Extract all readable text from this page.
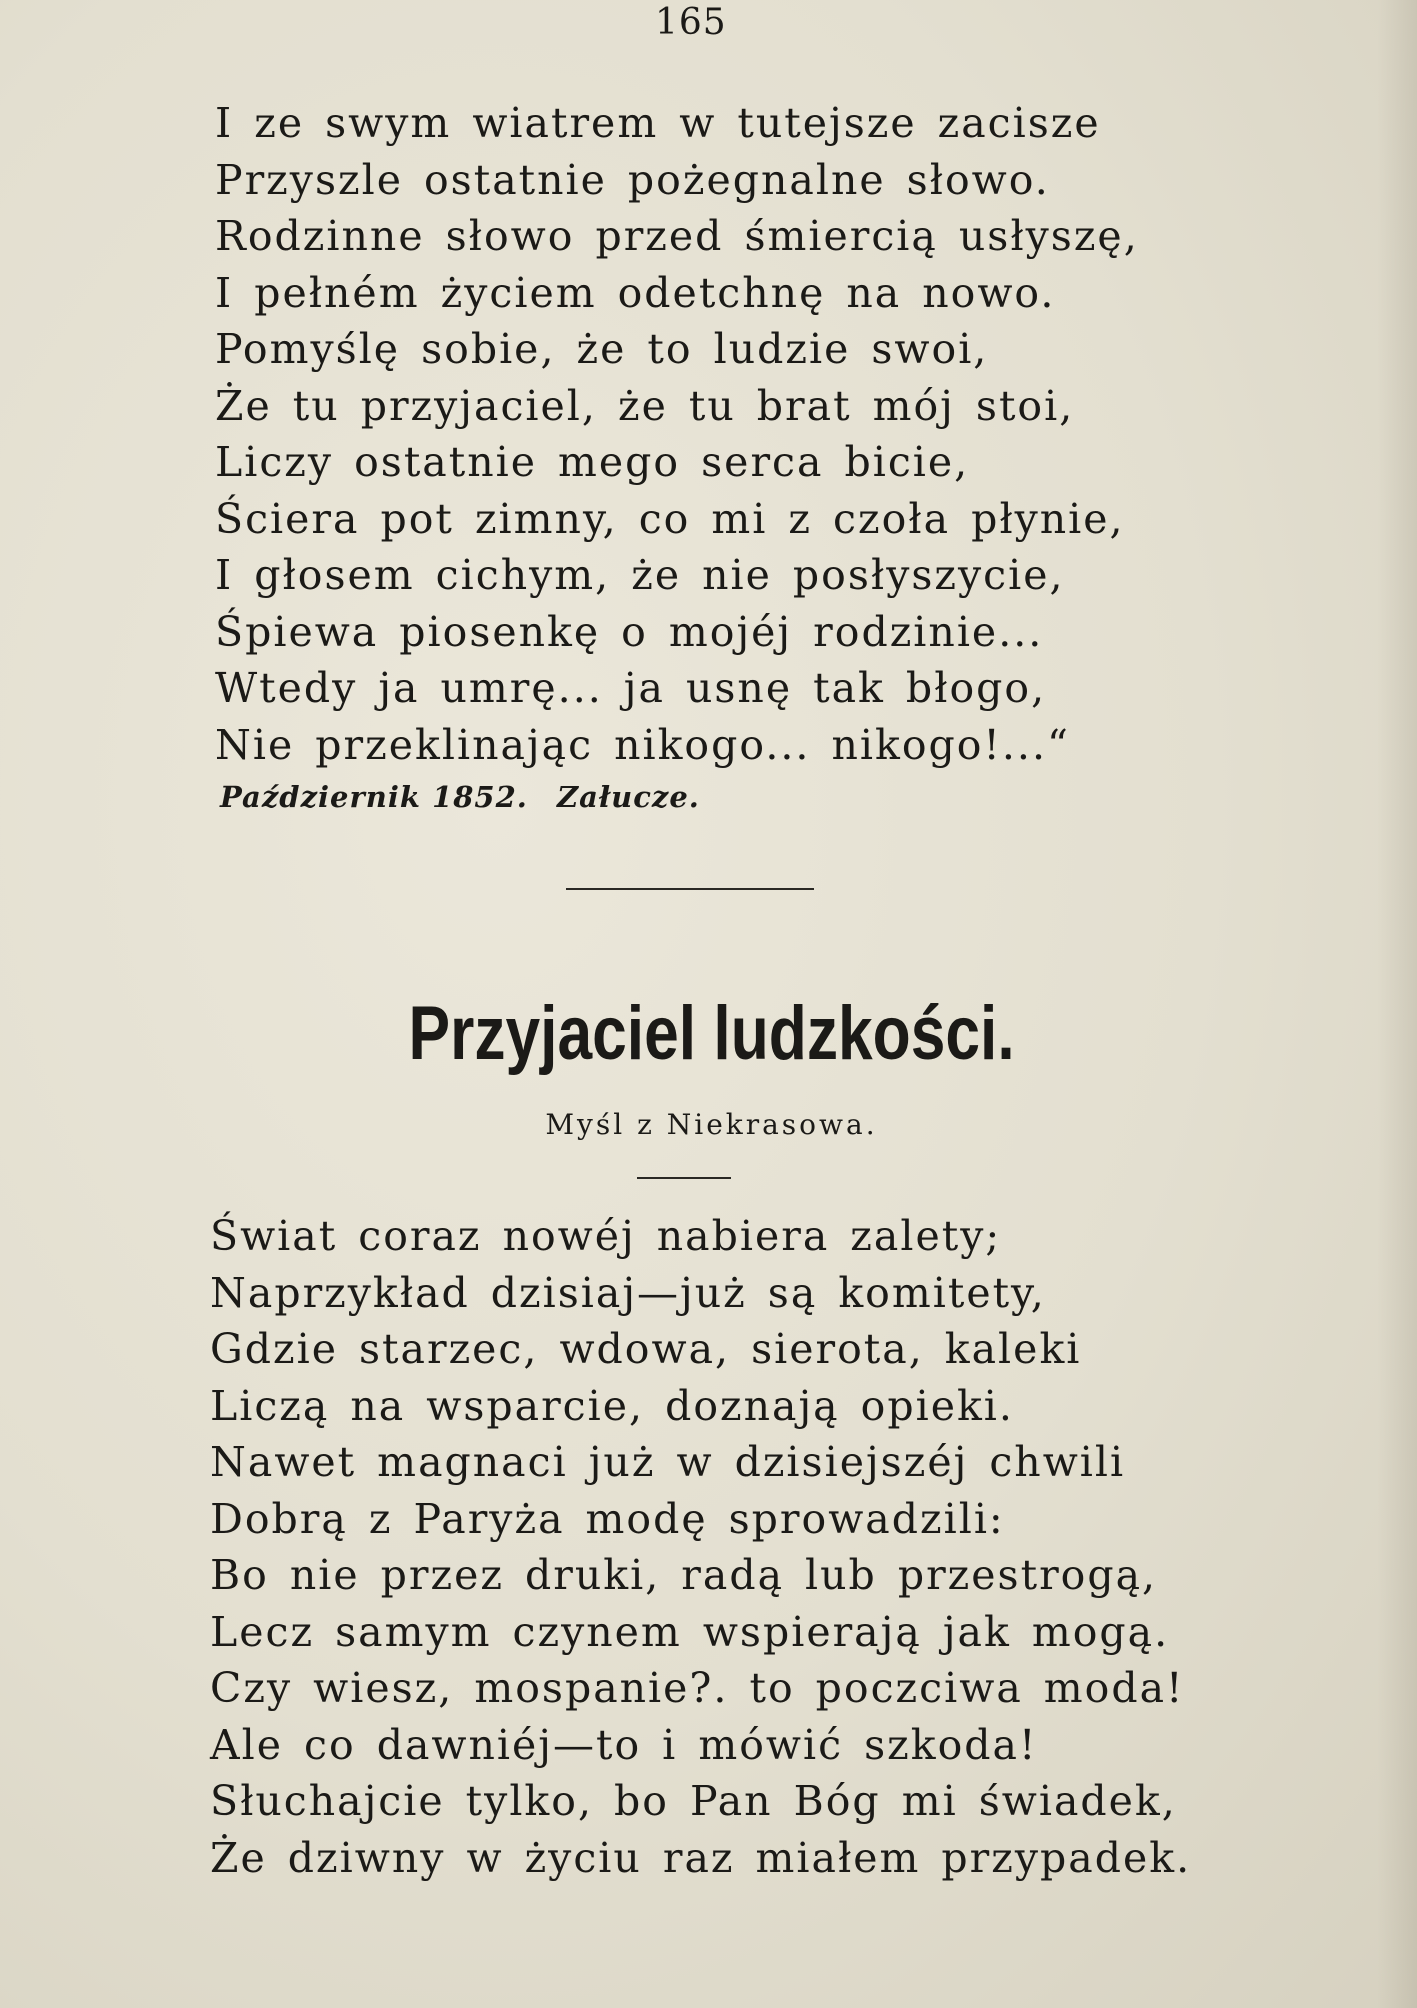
165
I ze swym wiatrem w tutejsze zacisze
Przyszle ostatnie pożegnalne słowo.
Rodzinne słowo przed śmiercią usłyszę,
I pełném życiem odetchnę na nowo.
Pomyślę sobie, że to ludzie swoi,
Że tu przyjaciel, że tu brat mój stoi,
Liczy ostatnie mego serca bicie,
Ściera pot zimny, co mi z czoła płynie,
I głosem cichym, że nie posłyszycie,
Śpiewa piosenkę o mojéj rodzinie...
Wtedy ja umrę... ja usnę tak błogo,
Nie przeklinając nikogo... nikogo!...“
Październik 1852. Załucze.
Przyjaciel ludzkości.
Myśl z Niekrasowa.
Świat coraz nowéj nabiera zalety;
Naprzykład dzisiaj—już są komitety,
Gdzie starzec, wdowa, sierota, kaleki
Liczą na wsparcie, doznają opieki.
Nawet magnaci już w dzisiejszéj chwili
Dobrą z Paryża modę sprowadzili:
Bo nie przez druki, radą lub przestrogą,
Lecz samym czynem wspierają jak mogą.
Czy wiesz, mospanie?. to poczciwa moda!
Ale co dawniéj—to i mówić szkoda!
Słuchajcie tylko, bo Pan Bóg mi świadek,
Że dziwny w życiu raz miałem przypadek.
